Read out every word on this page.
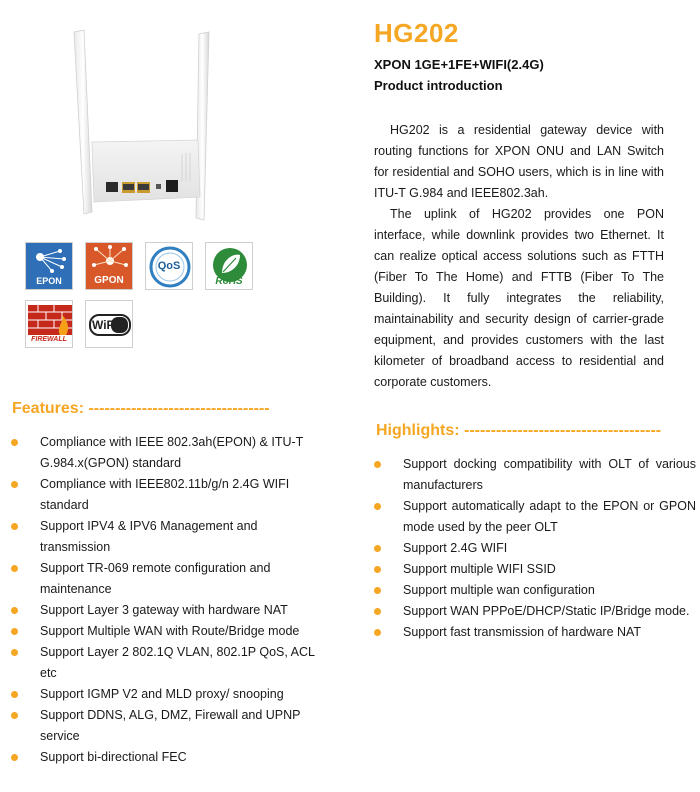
EPON	GPON
QoS
RoHS
FIREWALL
WiFi
HG202
XPON 1GE+1FE+WIFI(2.4G)
Product introduction

HG202 is a residential gateway device with routing functions for XPON ONU and LAN Switch for residential and SOHO users, which is in line with ITU-T G.984 and IEEE802.3ah.

The uplink of HG202 provides one PON interface, while downlink provides two Ethernet. It can realize optical access solutions such as FTTH (Fiber To The Home) and FTTB (Fiber To The Building). It fully integrates the reliability, maintainability and security design of carrier-grade equipment, and provides customers with the last kilometer of broadband access to residential and corporate customers.

Features: ----------------------------------
Compliance with IEEE 802.3ah(EPON) & ITU-T G.984.x(GPON) standard
Compliance with IEEE802.11b/g/n 2.4G WIFI standard
Support IPV4 & IPV6 Management and transmission
Support TR-069 remote configuration and maintenance
Support Layer 3 gateway with hardware NAT
Support Multiple WAN with Route/Bridge mode
Support Layer 2 802.1Q VLAN, 802.1P QoS, ACL etc
Support IGMP V2 and MLD proxy/ snooping
Support DDNS, ALG, DMZ, Firewall and UPNP service
Support bi-directional FEC
Highlights: -------------------------------------
Support docking compatibility with OLT of various manufacturers
Support automatically adapt to the EPON or GPON mode used by the peer OLT
Support 2.4G WIFI
Support multiple WIFI SSID
Support multiple wan configuration
Support WAN PPPoE/DHCP/Static IP/Bridge mode.
Support fast transmission of hardware NAT
